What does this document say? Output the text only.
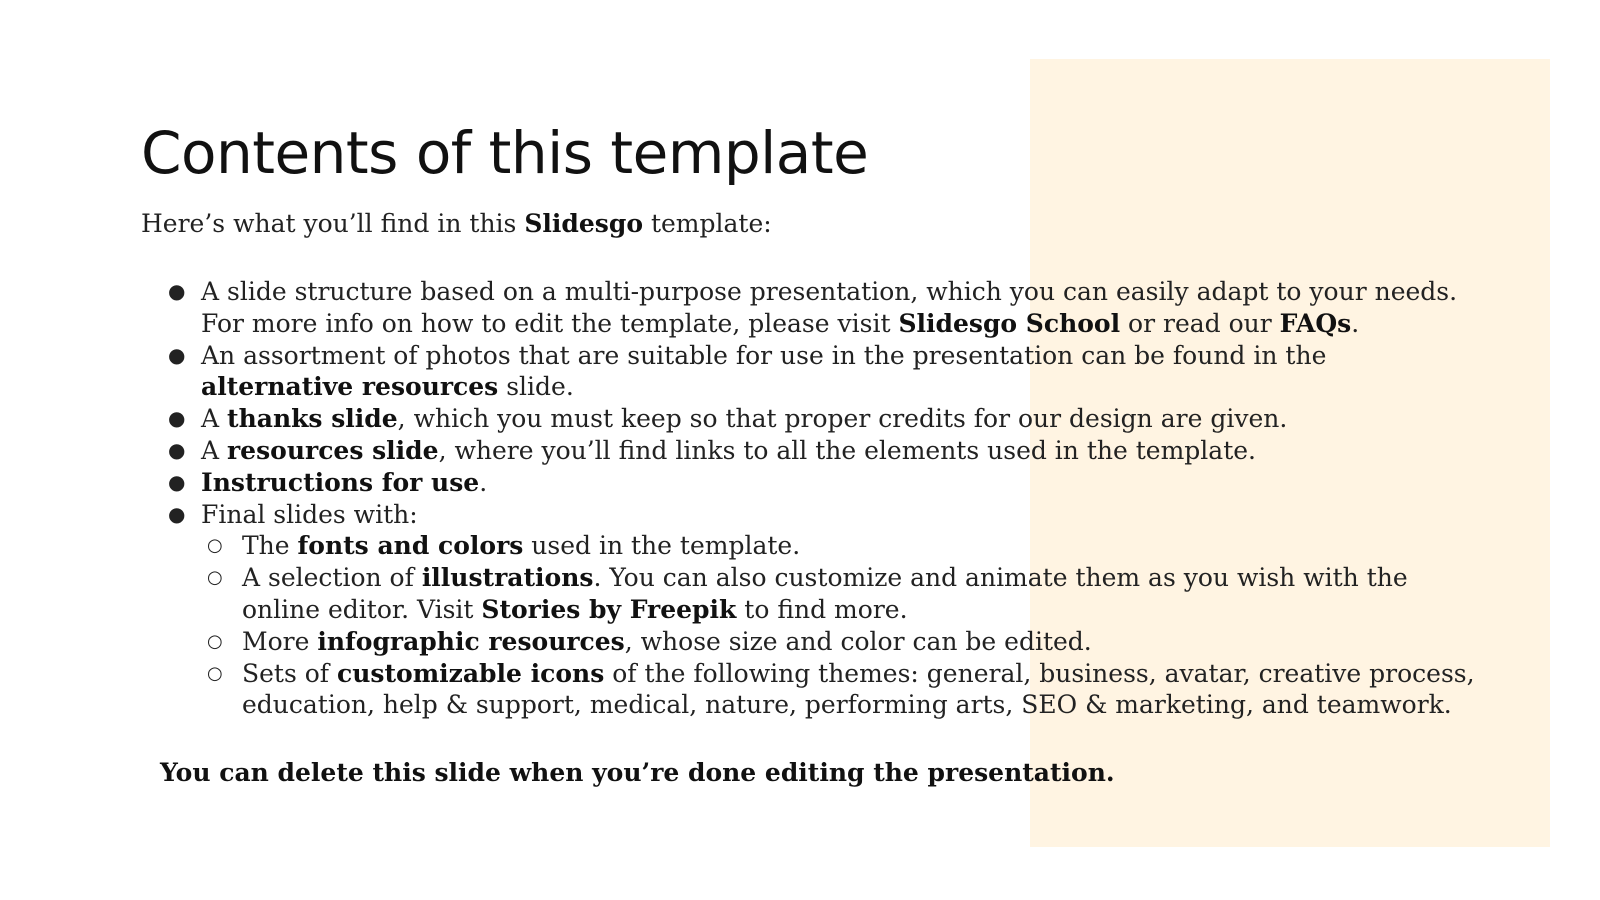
Contents of this template

Here’s what you’ll find in this Slidesgo template:

● A slide structure based on a multi-purpose presentation, which you can easily adapt to your needs. For more info on how to edit the template, please visit Slidesgo School or read our FAQs.
● An assortment of photos that are suitable for use in the presentation can be found in the alternative resources slide.
● A thanks slide, which you must keep so that proper credits for our design are given.
● A resources slide, where you’ll find links to all the elements used in the template.
● Instructions for use.
● Final slides with:
○ The fonts and colors used in the template.
○ A selection of illustrations. You can also customize and animate them as you wish with the online editor. Visit Stories by Freepik to find more.
○ More infographic resources, whose size and color can be edited.
○ Sets of customizable icons of the following themes: general, business, avatar, creative process, education, help & support, medical, nature, performing arts, SEO & marketing, and teamwork.

You can delete this slide when you’re done editing the presentation.
